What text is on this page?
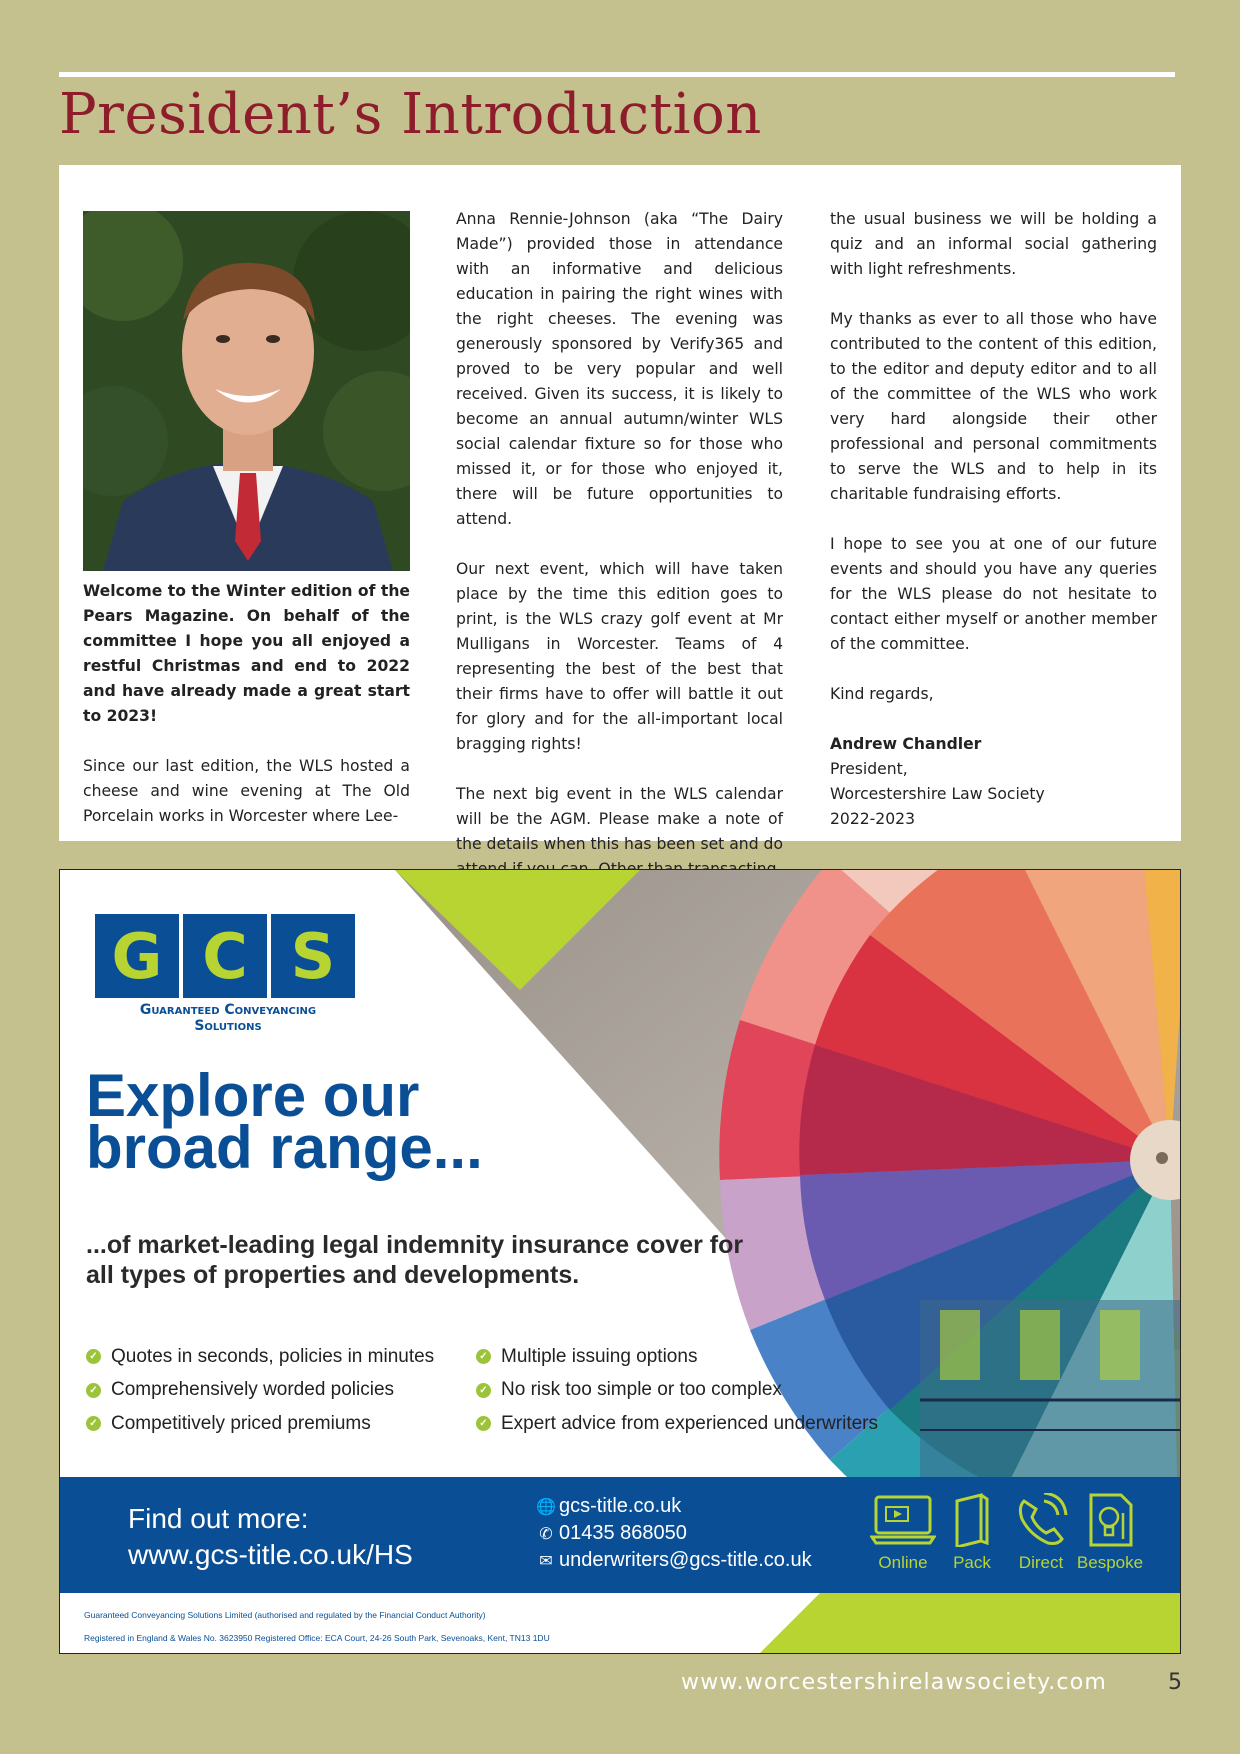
President’s Introduction

Welcome to the Winter edition of the Pears Magazine. On behalf of the committee I hope you all enjoyed a restful Christmas and end to 2022 and have already made a great start to 2023!

Since our last edition, the WLS hosted a cheese and wine evening at The Old Porcelain works in Worcester where Lee-

Anna Rennie-Johnson (aka “The Dairy Made”) provided those in attendance with an informative and delicious education in pairing the right wines with the right cheeses. The evening was generously sponsored by Verify365 and proved to be very popular and well received. Given its success, it is likely to become an annual autumn/winter WLS social calendar fixture so for those who missed it, or for those who enjoyed it, there will be future opportunities to attend.

Our next event, which will have taken place by the time this edition goes to print, is the WLS crazy golf event at Mr Mulligans in Worcester. Teams of 4 representing the best of the best that their firms have to offer will battle it out for glory and for the all-important local bragging rights!

The next big event in the WLS calendar will be the AGM. Please make a note of the details when this has been set and do

the usual business we will be holding a quiz and an informal social gathering with light refreshments.

My thanks as ever to all those who have contributed to the content of this edition, to the editor and deputy editor and to all of the committee of the WLS who work very hard alongside their other professional and personal commitments to serve the WLS and to help in its charitable fundraising efforts.

I hope to see you at one of our future events and should you have any queries for the WLS please do not hesitate to contact either myself or another member of the committee.

Kind regards,

Andrew Chandler
President,
Worcestershire Law Society
2022-2023
G C S
Guaranteed Conveyancing
Solutions
Explore our
broad range...

...of market-leading legal indemnity insurance cover for all types of properties and developments.

✓ Quotes in seconds, policies in minutes
✓ Comprehensively worded policies
✓ Competitively priced premiums
✓ Multiple issuing options
✓ No risk too simple or too complex
✓ Expert advice from experienced underwriters
Find out more:
www.gcs-title.co.uk/HS
🌐 gcs-title.co.uk
✆ 01435 868050
✉ underwriters@gcs-title.co.uk	Online	Pack	Direct Bespoke
Guaranteed Conveyancing Solutions Limited (authorised and regulated by the Financial Conduct Authority)
Registered in England & Wales No. 3623950 Registered Office: ECA Court, 24-26 South Park, Sevenoaks, Kent, TN13 1DU
www.worcestershirelawsociety.com	5
